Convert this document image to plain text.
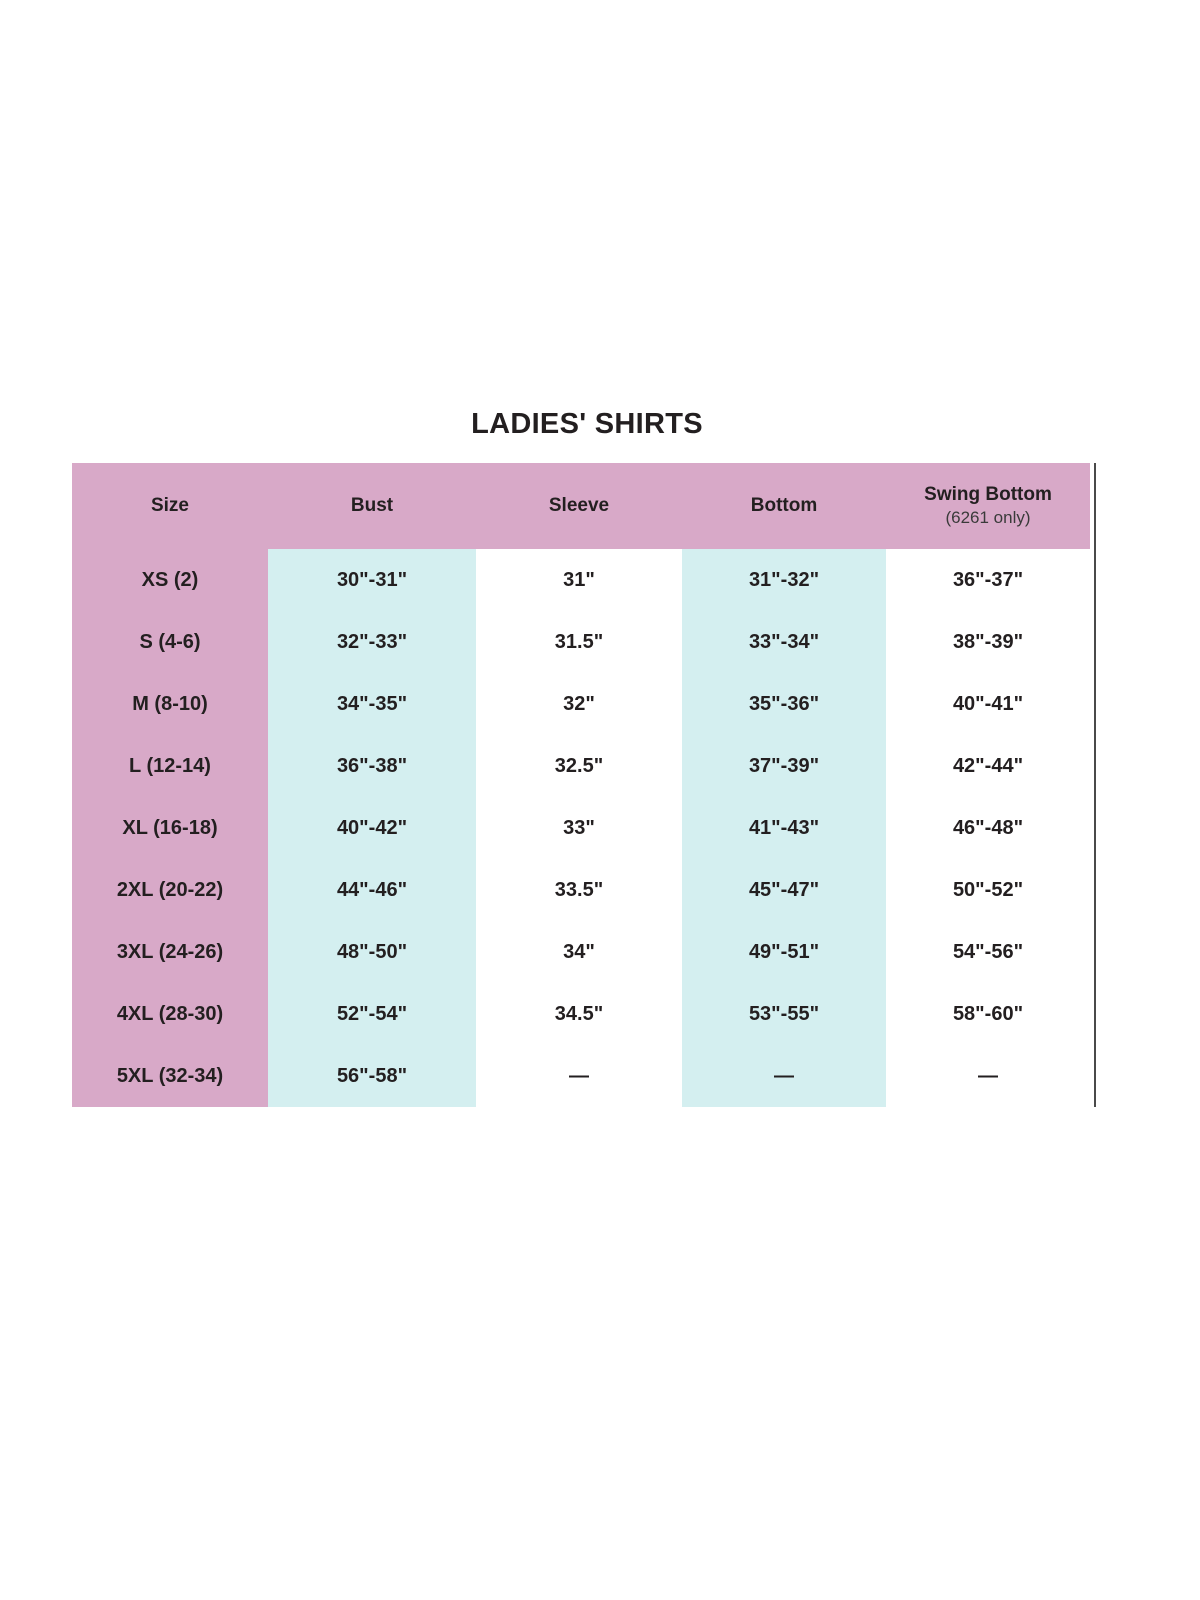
LADIES' SHIRTS
Size	Bust	Sleeve	Bottom	Swing Bottom
(6261 only)

XS (2)	30"-31"	31"	31"-32"	36"-37"
S (4-6)	32"-33"	31.5"	33"-34"	38"-39"
M (8-10)	34"-35"	32"	35"-36"	40"-41"
L (12-14)	36"-38"	32.5"	37"-39"	42"-44"
XL (16-18)	40"-42"	33"	41"-43"	46"-48"
2XL (20-22)	44"-46"	33.5"	45"-47"	50"-52"
3XL (24-26)	48"-50"	34"	49"-51"	54"-56"
4XL (28-30)	52"-54"	34.5"	53"-55"	58"-60"
5XL (32-34)	56"-58"	—	—	—
